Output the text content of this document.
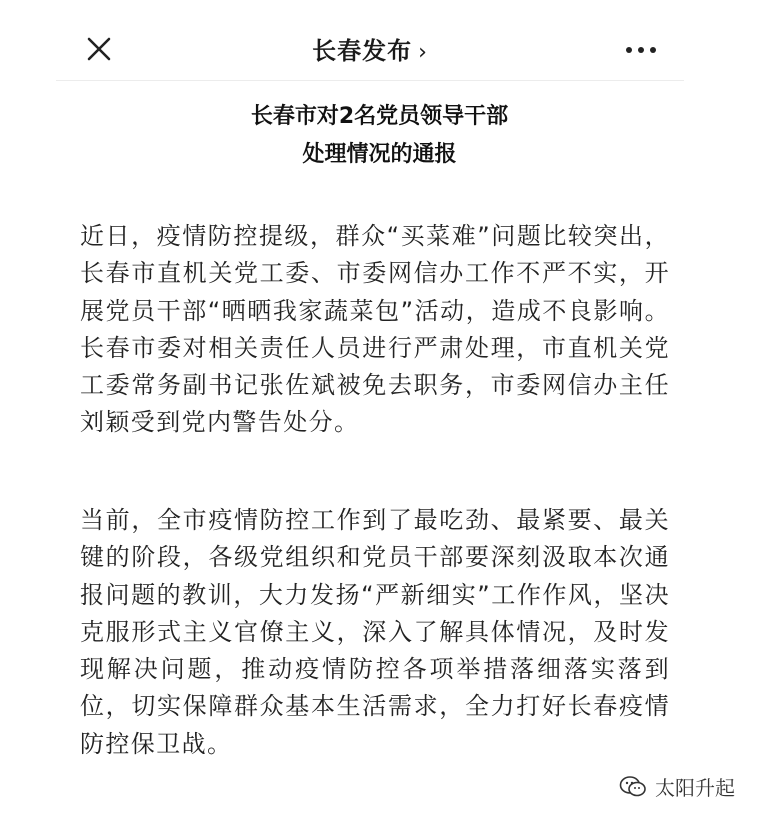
长春发布 ›
长春市对2名党员领导干部
处理情况的通报
近日，疫情防控提级，群众“买菜难”问题比较突出，长春市直机关党工委、市委网信办工作不严不实，开展党员干部“晒晒我家蔬菜包”活动，造成不良影响。长春市委对相关责任人员进行严肃处理，市直机关党工委常务副书记张佐斌被免去职务，市委网信办主任刘颖受到党内警告处分。
当前，全市疫情防控工作到了最吃劲、最紧要、最关键的阶段，各级党组织和党员干部要深刻汲取本次通报问题的教训，大力发扬“严新细实”工作作风，坚决克服形式主义官僚主义，深入了解具体情况，及时发现解决问题，推动疫情防控各项举措落细落实落到位，切实保障群众基本生活需求，全力打好长春疫情防控保卫战。
太阳升起
